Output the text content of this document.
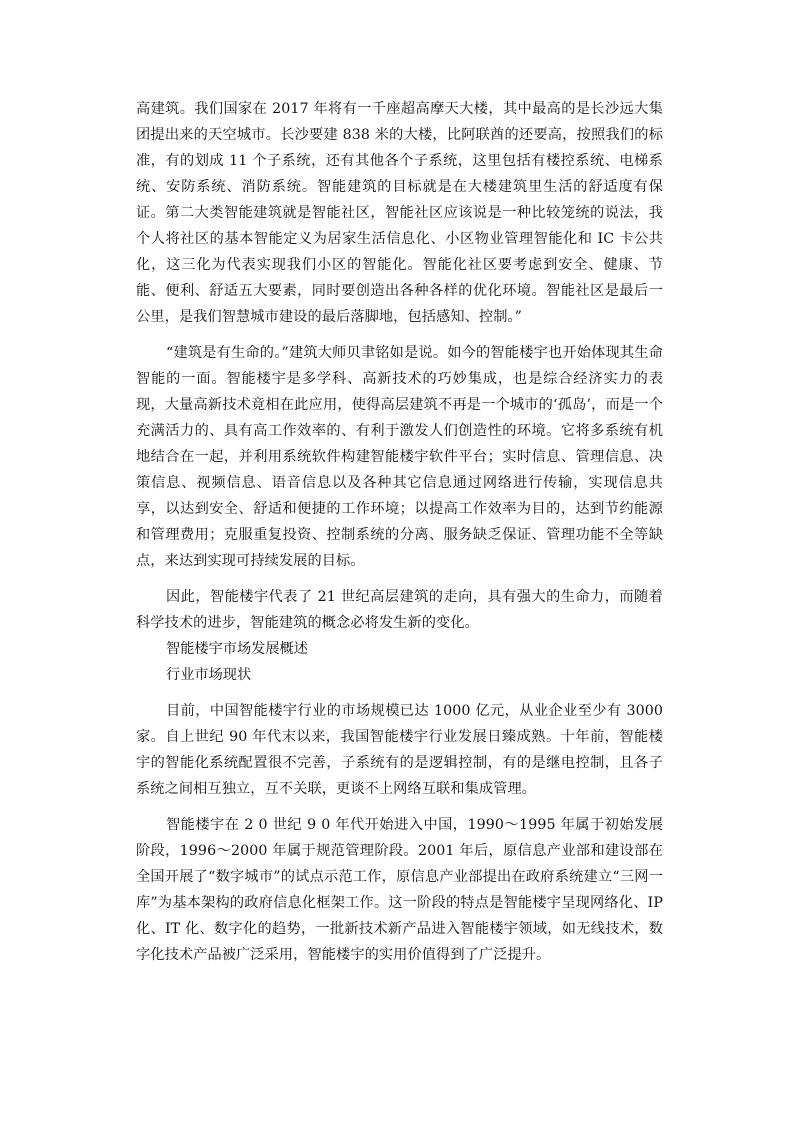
高建筑。我们国家在 2017 年将有一千座超高摩天大楼，其中最高的是长沙远大集团提出来的天空城市。长沙要建 838 米的大楼，比阿联酋的还要高，按照我们的标准，有的划成 11 个子系统，还有其他各个子系统，这里包括有楼控系统、电梯系统、安防系统、消防系统。智能建筑的目标就是在大楼建筑里生活的舒适度有保证。第二大类智能建筑就是智能社区，智能社区应该说是一种比较笼统的说法，我个人将社区的基本智能定义为居家生活信息化、小区物业管理智能化和 IC 卡公共化，这三化为代表实现我们小区的智能化。智能化社区要考虑到安全、健康、节能、便利、舒适五大要素，同时要创造出各种各样的优化环境。智能社区是最后一公里，是我们智慧城市建设的最后落脚地，包括感知、控制。”

“建筑是有生命的。”建筑大师贝聿铭如是说。如今的智能楼宇也开始体现其生命智能的一面。智能楼宇是多学科、高新技术的巧妙集成，也是综合经济实力的表现，大量高新技术竟相在此应用，使得高层建筑不再是一个城市的‘孤岛’，而是一个充满活力的、具有高工作效率的、有利于激发人们创造性的环境。它将多系统有机地结合在一起，并利用系统软件构建智能楼宇软件平台；实时信息、管理信息、决策信息、视频信息、语音信息以及各种其它信息通过网络进行传输，实现信息共享，以达到安全、舒适和便捷的工作环境；以提高工作效率为目的，达到节约能源和管理费用；克服重复投资、控制系统的分离、服务缺乏保证、管理功能不全等缺点，来达到实现可持续发展的目标。

因此，智能楼宇代表了 21 世纪高层建筑的走向，具有强大的生命力，而随着科学技术的进步，智能建筑的概念必将发生新的变化。

智能楼宇市场发展概述

行业市场现状

目前，中国智能楼宇行业的市场规模已达 1000 亿元，从业企业至少有 3000 家。自上世纪 90 年代末以来，我国智能楼宇行业发展日臻成熟。十年前，智能楼宇的智能化系统配置很不完善，子系统有的是逻辑控制，有的是继电控制，且各子系统之间相互独立，互不关联，更谈不上网络互联和集成管理。

智能楼宇在 2 0 世纪 9 0 年代开始进入中国，1990～1995 年属于初始发展阶段，1996～2000 年属于规范管理阶段。2001 年后，原信息产业部和建设部在全国开展了“数字城市”的试点示范工作，原信息产业部提出在政府系统建立“三网一库”为基本架构的政府信息化框架工作。这一阶段的特点是智能楼宇呈现网络化、IP 化、IT 化、数字化的趋势，一批新技术新产品进入智能楼宇领域，如无线技术，数字化技术产品被广泛采用，智能楼宇的实用价值得到了广泛提升。
